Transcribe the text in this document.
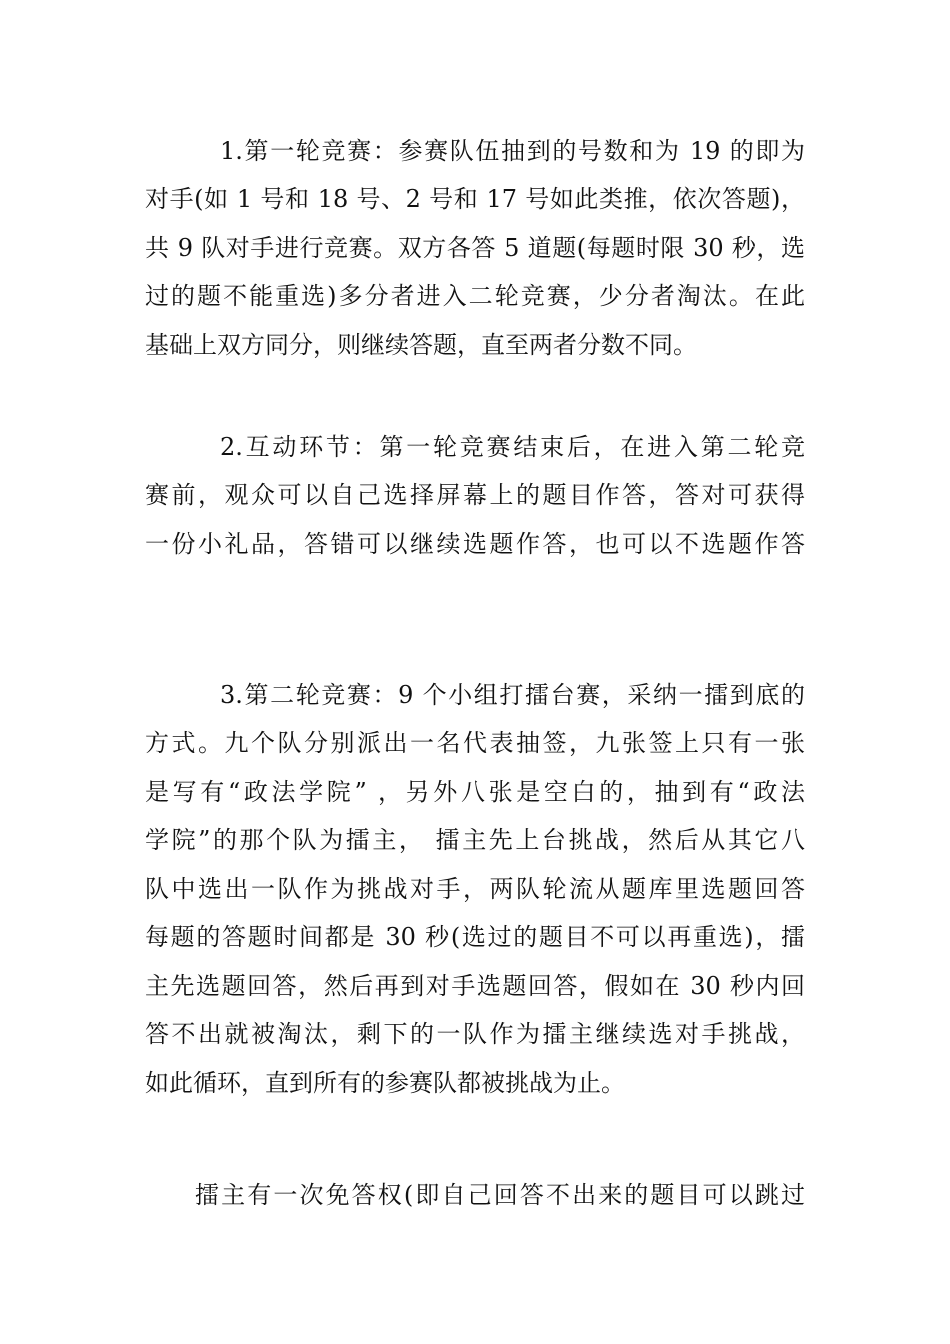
1.第一轮竞赛：参赛队伍抽到的号数和为 19 的即为
对手(如 1 号和 18 号、2 号和 17 号如此类推，依次答题)，
共 9 队对手进行竞赛。双方各答 5 道题(每题时限 30 秒，选
过的题不能重选)多分者进入二轮竞赛，少分者淘汰。在此
基础上双方同分，则继续答题，直至两者分数不同。
2.互动环节：第一轮竞赛结束后，在进入第二轮竞
赛前，观众可以自己选择屏幕上的题目作答，答对可获得
一份小礼品，答错可以继续选题作答，也可以不选题作答
3.第二轮竞赛：9 个小组打擂台赛，采纳一擂到底的
方式。九个队分别派出一名代表抽签，九张签上只有一张
是写有“政法学院” ，另外八张是空白的，抽到有“政法
学院”的那个队为擂主， 擂主先上台挑战，然后从其它八
队中选出一队作为挑战对手，两队轮流从题库里选题回答
每题的答题时间都是 30 秒(选过的题目不可以再重选)，擂
主先选题回答，然后再到对手选题回答，假如在 30 秒内回
答不出就被淘汰，剩下的一队作为擂主继续选对手挑战，
如此循环，直到所有的参赛队都被挑战为止。
擂主有一次免答权(即自己回答不出来的题目可以跳过
